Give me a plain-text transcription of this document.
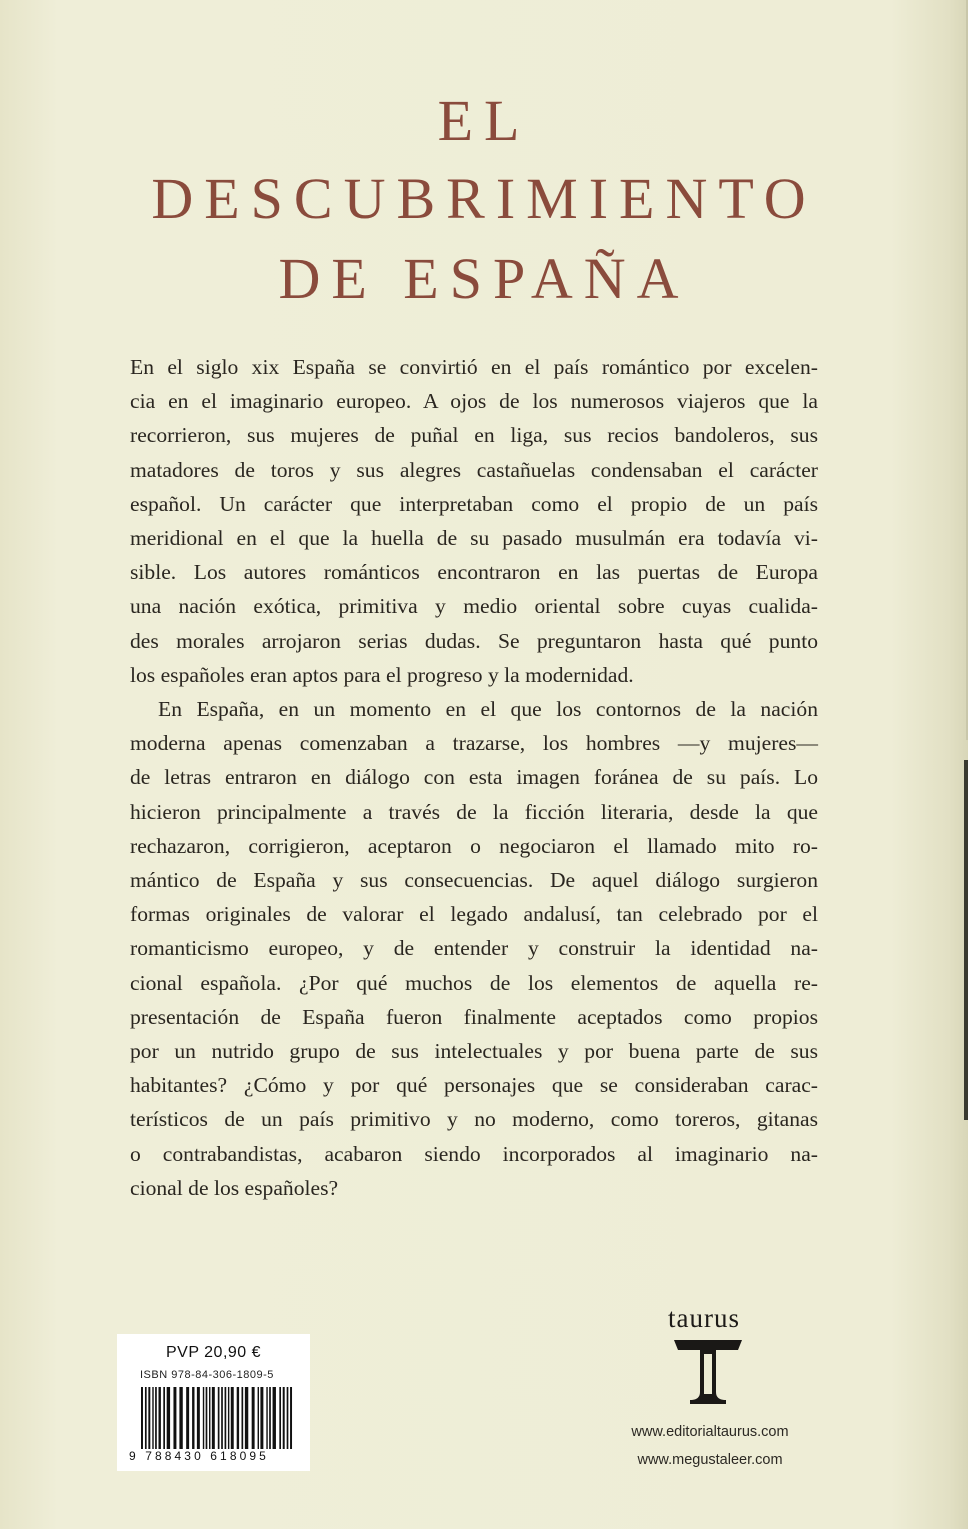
EL
DESCUBRIMIENTO
DE ESPAÑA
En el siglo xix España se convirtió en el país romántico por excelen-
cia en el imaginario europeo. A ojos de los numerosos viajeros que la
recorrieron, sus mujeres de puñal en liga, sus recios bandoleros, sus
matadores de toros y sus alegres castañuelas condensaban el carácter
español. Un carácter que interpretaban como el propio de un país
meridional en el que la huella de su pasado musulmán era todavía vi-
sible. Los autores románticos encontraron en las puertas de Europa
una nación exótica, primitiva y medio oriental sobre cuyas cualida-
des morales arrojaron serias dudas. Se preguntaron hasta qué punto
los españoles eran aptos para el progreso y la modernidad.
En España, en un momento en el que los contornos de la nación
moderna apenas comenzaban a trazarse, los hombres —y mujeres—
de letras entraron en diálogo con esta imagen foránea de su país. Lo
hicieron principalmente a través de la ficción literaria, desde la que
rechazaron, corrigieron, aceptaron o negociaron el llamado mito ro-
mántico de España y sus consecuencias. De aquel diálogo surgieron
formas originales de valorar el legado andalusí, tan celebrado por el
romanticismo europeo, y de entender y construir la identidad na-
cional española. ¿Por qué muchos de los elementos de aquella re-
presentación de España fueron finalmente aceptados como propios
por un nutrido grupo de sus intelectuales y por buena parte de sus
habitantes? ¿Cómo y por qué personajes que se consideraban carac-
terísticos de un país primitivo y no moderno, como toreros, gitanas
o contrabandistas, acabaron siendo incorporados al imaginario na-
cional de los españoles?
PVP 20,90 €
ISBN 978-84-306-1809-5
9 788430 618095
taurus
www.editorialtaurus.com
www.megustaleer.com
